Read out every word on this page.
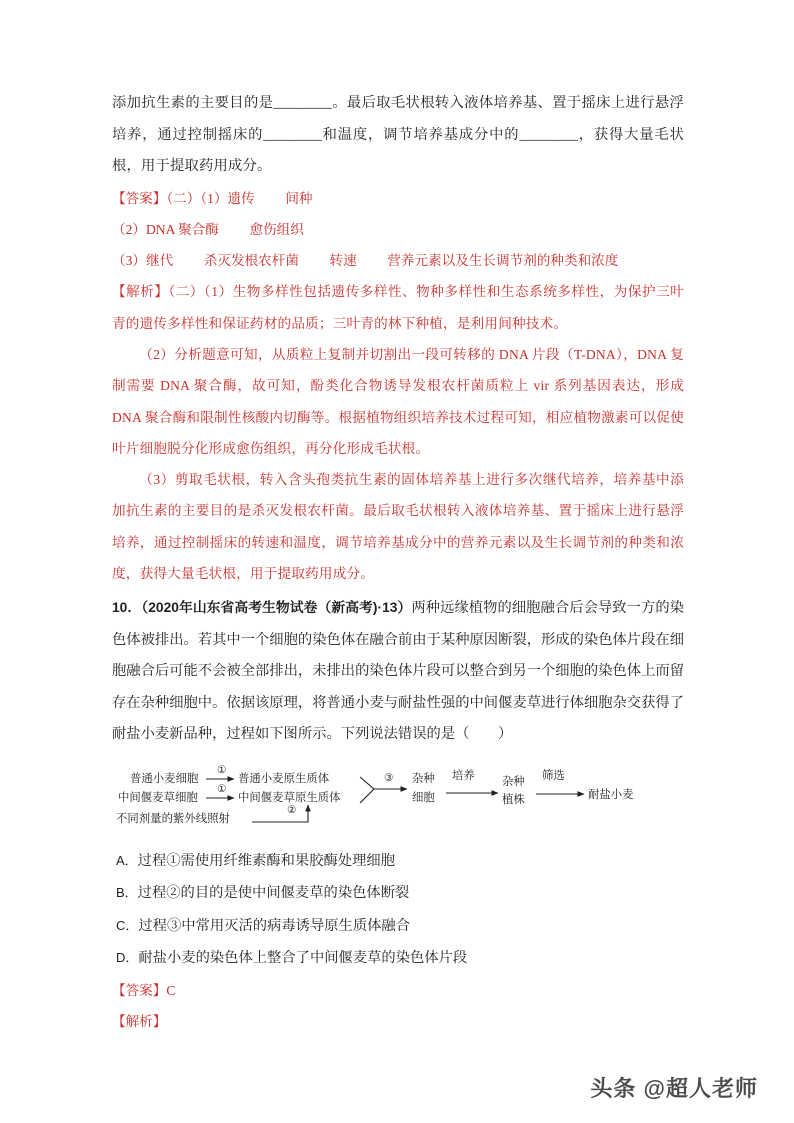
添加抗生素的主要目的是________。最后取毛状根转入液体培养基、置于摇床上进行悬浮培养，通过控制摇床的________和温度，调节培养基成分中的________，获得大量毛状根，用于提取药用成分。

【答案】（二）（1）遗传　　 间种
（2）DNA 聚合酶　　 愈伤组织
（3）继代　　 杀灭发根农杆菌　　 转速　　 营养元素以及生长调节剂的种类和浓度

【解析】（二）（1）生物多样性包括遗传多样性、物种多样性和生态系统多样性，为保护三叶青的遗传多样性和保证药材的品质；三叶青的林下种植，是利用间种技术。

（2）分析题意可知，从质粒上复制并切割出一段可转移的 DNA 片段（T-DNA），DNA 复制需要 DNA 聚合酶，故可知，酚类化合物诱导发根农杆菌质粒上 vir 系列基因表达，形成 DNA 聚合酶和限制性核酸内切酶等。根据植物组织培养技术过程可知，相应植物激素可以促使叶片细胞脱分化形成愈伤组织，再分化形成毛状根。

（3）剪取毛状根，转入含头孢类抗生素的固体培养基上进行多次继代培养，培养基中添加抗生素的主要目的是杀灭发根农杆菌。最后取毛状根转入液体培养基、置于摇床上进行悬浮培养，通过控制摇床的转速和温度，调节培养基成分中的营养元素以及生长调节剂的种类和浓度，获得大量毛状根，用于提取药用成分。

10．（2020年山东省高考生物试卷（新高考)·13）两种远缘植物的细胞融合后会导致一方的染色体被排出。若其中一个细胞的染色体在融合前由于某种原因断裂，形成的染色体片段在细胞融合后可能不会被全部排出，未排出的染色体片段可以整合到另一个细胞的染色体上而留存在杂种细胞中。依据该原理，将普通小麦与耐盐性强的中间偃麦草进行体细胞杂交获得了耐盐小麦新品种，过程如下图所示。下列说法错误的是（　　）

普通小麦细胞
①
普通小麦原生质体
中间偃麦草细胞
①
中间偃麦草原生质体
不同剂量的紫外线照射
②
③ 杂种
细胞
培养 杂种
植株
筛选
耐盐小麦

A．过程①需使用纤维素酶和果胶酶处理细胞

B．过程②的目的是使中间偃麦草的染色体断裂

C．过程③中常用灭活的病毒诱导原生质体融合

D．耐盐小麦的染色体上整合了中间偃麦草的染色体片段

【答案】C
【解析】
头条 @超人老师
